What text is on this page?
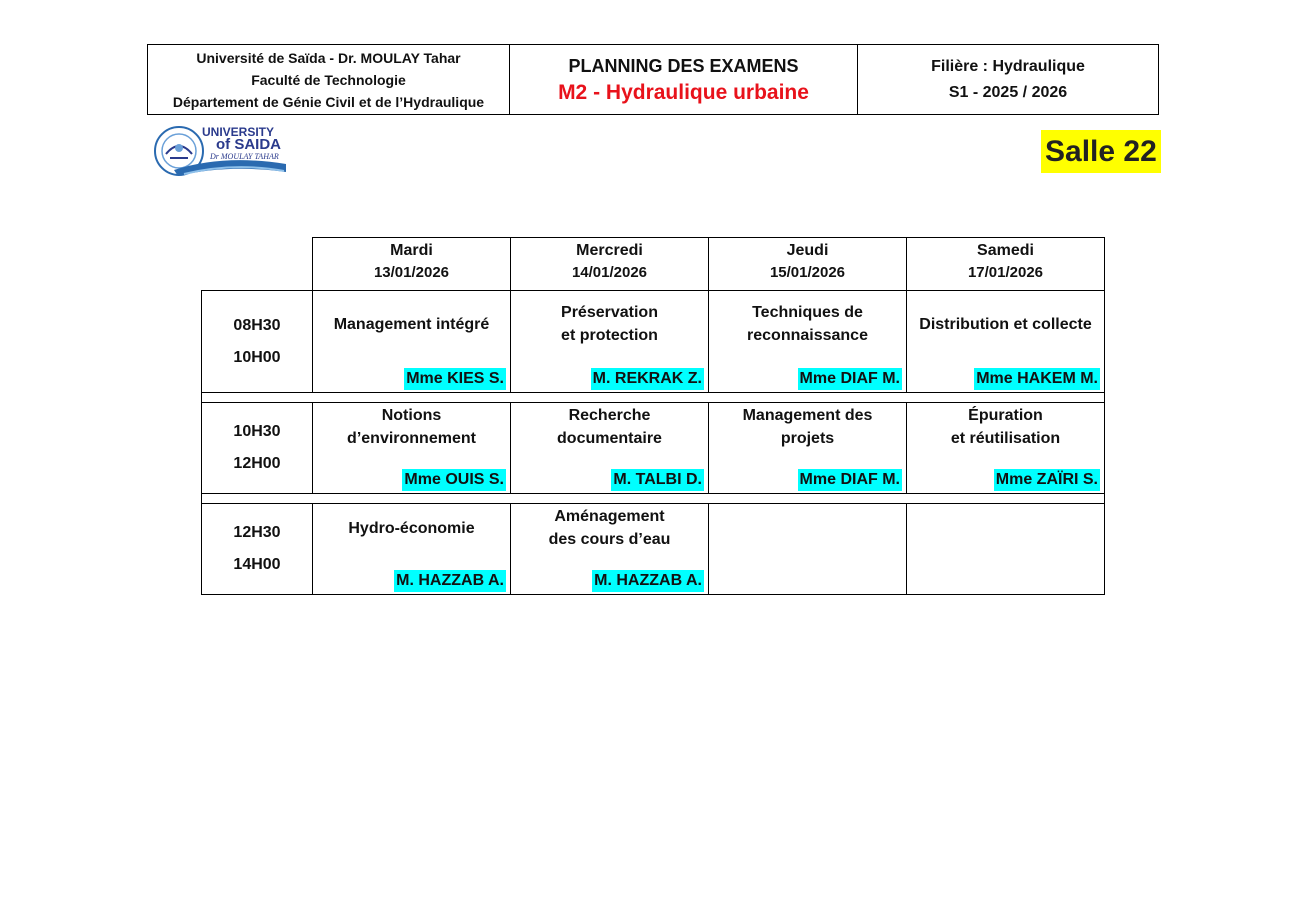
Université de Saïda - Dr. MOULAY Tahar
Faculté de Technologie
Département de Génie Civil et de l’Hydraulique
PLANNING DES EXAMENS
M2 - Hydraulique urbaine
Filière : Hydraulique
S1 - 2025 / 2026
UNIVERSITY
of SAIDA
Dr MOULAY TAHAR	Salle 22
Mardi
13/01/2026
Mercredi
14/01/2026
Jeudi
15/01/2026
Samedi
17/01/2026
08H30
10H00
Management intégré
Mme KIES S.
Préservation
et protection
M. REKRAK Z.
Techniques de
reconnaissance
Mme DIAF M.
Distribution et collecte
Mme HAKEM M.
10H30
12H00
Notions
d’environnement
Mme OUIS S.
Recherche
documentaire
M. TALBI D.
Management des
projets
Mme DIAF M.
Épuration
et réutilisation
Mme ZAÏRI S.
12H30
14H00
Hydro-économie
M. HAZZAB A.
Aménagement
des cours d’eau
M. HAZZAB A.
